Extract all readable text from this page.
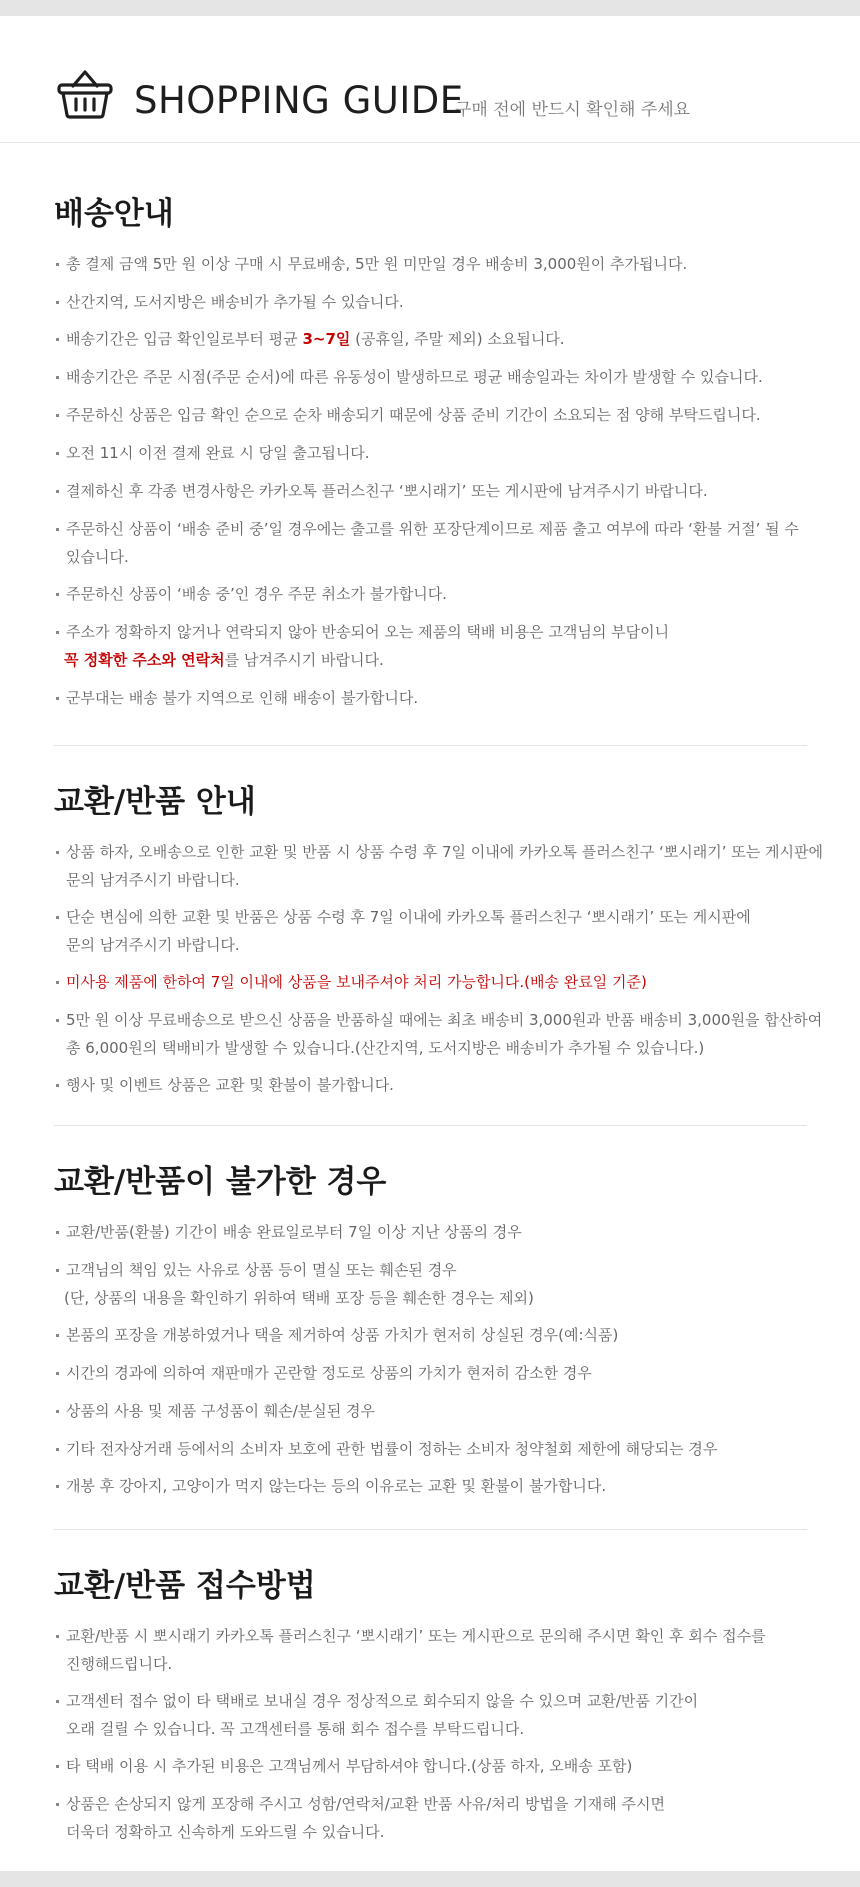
SHOPPING GUIDE
구매 전에 반드시 확인해 주세요
배송안내
총 결제 금액 5만 원 이상 구매 시 무료배송, 5만 원 미만일 경우 배송비 3,000원이 추가됩니다.
산간지역, 도서지방은 배송비가 추가될 수 있습니다.
배송기간은 입금 확인일로부터 평균 3~7일 (공휴일, 주말 제외) 소요됩니다.
배송기간은 주문 시점(주문 순서)에 따른 유동성이 발생하므로 평균 배송일과는 차이가 발생할 수 있습니다.
주문하신 상품은 입금 확인 순으로 순차 배송되기 때문에 상품 준비 기간이 소요되는 점 양해 부탁드립니다.
오전 11시 이전 결제 완료 시 당일 출고됩니다.
결제하신 후 각종 변경사항은 카카오톡 플러스친구 ‘뽀시래기’ 또는 게시판에 남겨주시기 바랍니다.
주문하신 상품이 ‘배송 준비 중’일 경우에는 출고를 위한 포장단계이므로 제품 출고 여부에 따라 ‘환불 거절’ 될 수
있습니다.
주문하신 상품이 ‘배송 중’인 경우 주문 취소가 불가합니다.
주소가 정확하지 않거나 연락되지 않아 반송되어 오는 제품의 택배 비용은 고객님의 부담이니
꼭 정확한 주소와 연락처를 남겨주시기 바랍니다.
군부대는 배송 불가 지역으로 인해 배송이 불가합니다.
교환/반품 안내
상품 하자, 오배송으로 인한 교환 및 반품 시 상품 수령 후 7일 이내에 카카오톡 플러스친구 ‘뽀시래기’ 또는 게시판에
문의 남겨주시기 바랍니다.
단순 변심에 의한 교환 및 반품은 상품 수령 후 7일 이내에 카카오톡 플러스친구 ‘뽀시래기’ 또는 게시판에
문의 남겨주시기 바랍니다.
미사용 제품에 한하여 7일 이내에 상품을 보내주셔야 처리 가능합니다.(배송 완료일 기준)
5만 원 이상 무료배송으로 받으신 상품을 반품하실 때에는 최초 배송비 3,000원과 반품 배송비 3,000원을 합산하여
총 6,000원의 택배비가 발생할 수 있습니다.(산간지역, 도서지방은 배송비가 추가될 수 있습니다.)
행사 및 이벤트 상품은 교환 및 환불이 불가합니다.
교환/반품이 불가한 경우
교환/반품(환불) 기간이 배송 완료일로부터 7일 이상 지난 상품의 경우
고객님의 책임 있는 사유로 상품 등이 멸실 또는 훼손된 경우
(단, 상품의 내용을 확인하기 위하여 택배 포장 등을 훼손한 경우는 제외)
본품의 포장을 개봉하였거나 택을 제거하여 상품 가치가 현저히 상실된 경우(예:식품)
시간의 경과에 의하여 재판매가 곤란할 정도로 상품의 가치가 현저히 감소한 경우
상품의 사용 및 제품 구성품이 훼손/분실된 경우
기타 전자상거래 등에서의 소비자 보호에 관한 법률이 정하는 소비자 청약철회 제한에 해당되는 경우
개봉 후 강아지, 고양이가 먹지 않는다는 등의 이유로는 교환 및 환불이 불가합니다.
교환/반품 접수방법
교환/반품 시 뽀시래기 카카오톡 플러스친구 ‘뽀시래기’ 또는 게시판으로 문의해 주시면 확인 후 회수 접수를
진행해드립니다.
고객센터 접수 없이 타 택배로 보내실 경우 정상적으로 회수되지 않을 수 있으며 교환/반품 기간이
오래 걸릴 수 있습니다. 꼭 고객센터를 통해 회수 접수를 부탁드립니다.
타 택배 이용 시 추가된 비용은 고객님께서 부담하셔야 합니다.(상품 하자, 오배송 포함)
상품은 손상되지 않게 포장해 주시고 성함/연락처/교환 반품 사유/처리 방법을 기재해 주시면
더욱더 정확하고 신속하게 도와드릴 수 있습니다.
